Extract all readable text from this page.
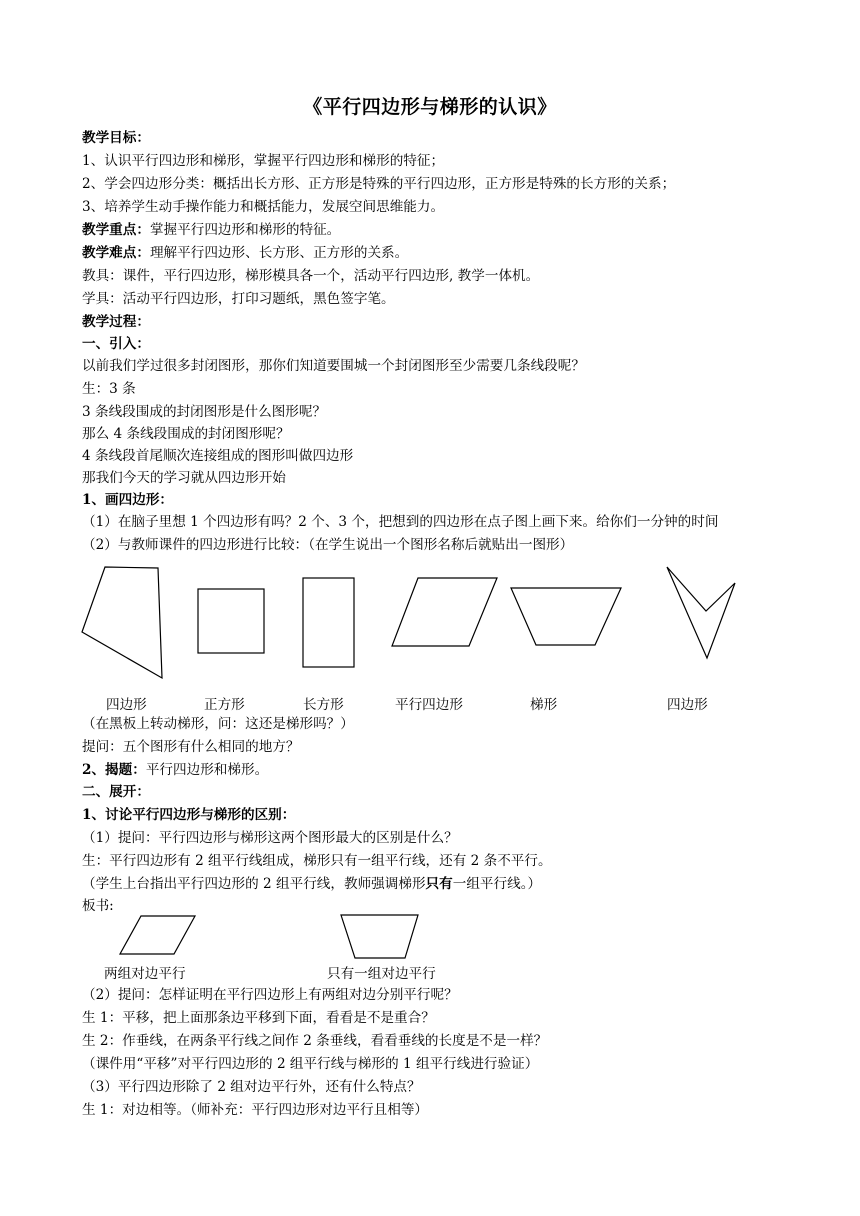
《平行四边形与梯形的认识》
教学目标：
1、认识平行四边形和梯形，掌握平行四边形和梯形的特征；
2、学会四边形分类：概括出长方形、正方形是特殊的平行四边形，正方形是特殊的长方形的关系；
3、培养学生动手操作能力和概括能力，发展空间思维能力。
教学重点：掌握平行四边形和梯形的特征。
教学难点：理解平行四边形、长方形、正方形的关系。
教具：课件，平行四边形，梯形模具各一个，活动平行四边形, 教学一体机。
学具：活动平行四边形，打印习题纸，黑色签字笔。
教学过程：
一、引入：
以前我们学过很多封闭图形，那你们知道要围城一个封闭图形至少需要几条线段呢？
生：3 条
3 条线段围成的封闭图形是什么图形呢？
那么 4 条线段围成的封闭图形呢？
4 条线段首尾顺次连接组成的图形叫做四边形
那我们今天的学习就从四边形开始
1、画四边形：
（1）在脑子里想 1 个四边形有吗？2 个、3 个，把想到的四边形在点子图上画下来。给你们一分钟的时间
（2）与教师课件的四边形进行比较：（在学生说出一个图形名称后就贴出一图形）
四边形	正方形	长方形	平行四边形	梯形	四边形
（在黑板上转动梯形，问：这还是梯形吗？）
提问：五个图形有什么相同的地方？
2、揭题：平行四边形和梯形。
二、展开：
1、讨论平行四边形与梯形的区别：
（1）提问：平行四边形与梯形这两个图形最大的区别是什么？
生：平行四边形有 2 组平行线组成，梯形只有一组平行线，还有 2 条不平行。
（学生上台指出平行四边形的 2 组平行线，教师强调梯形只有一组平行线。）
板书:
两组对边平行	只有一组对边平行
（2）提问：怎样证明在平行四边形上有两组对边分别平行呢？
生 1：平移，把上面那条边平移到下面，看看是不是重合？
生 2：作垂线，在两条平行线之间作 2 条垂线，看看垂线的长度是不是一样？
（课件用“平移”对平行四边形的 2 组平行线与梯形的 1 组平行线进行验证）
（3）平行四边形除了 2 组对边平行外，还有什么特点？
生 1：对边相等。（师补充：平行四边形对边平行且相等）
